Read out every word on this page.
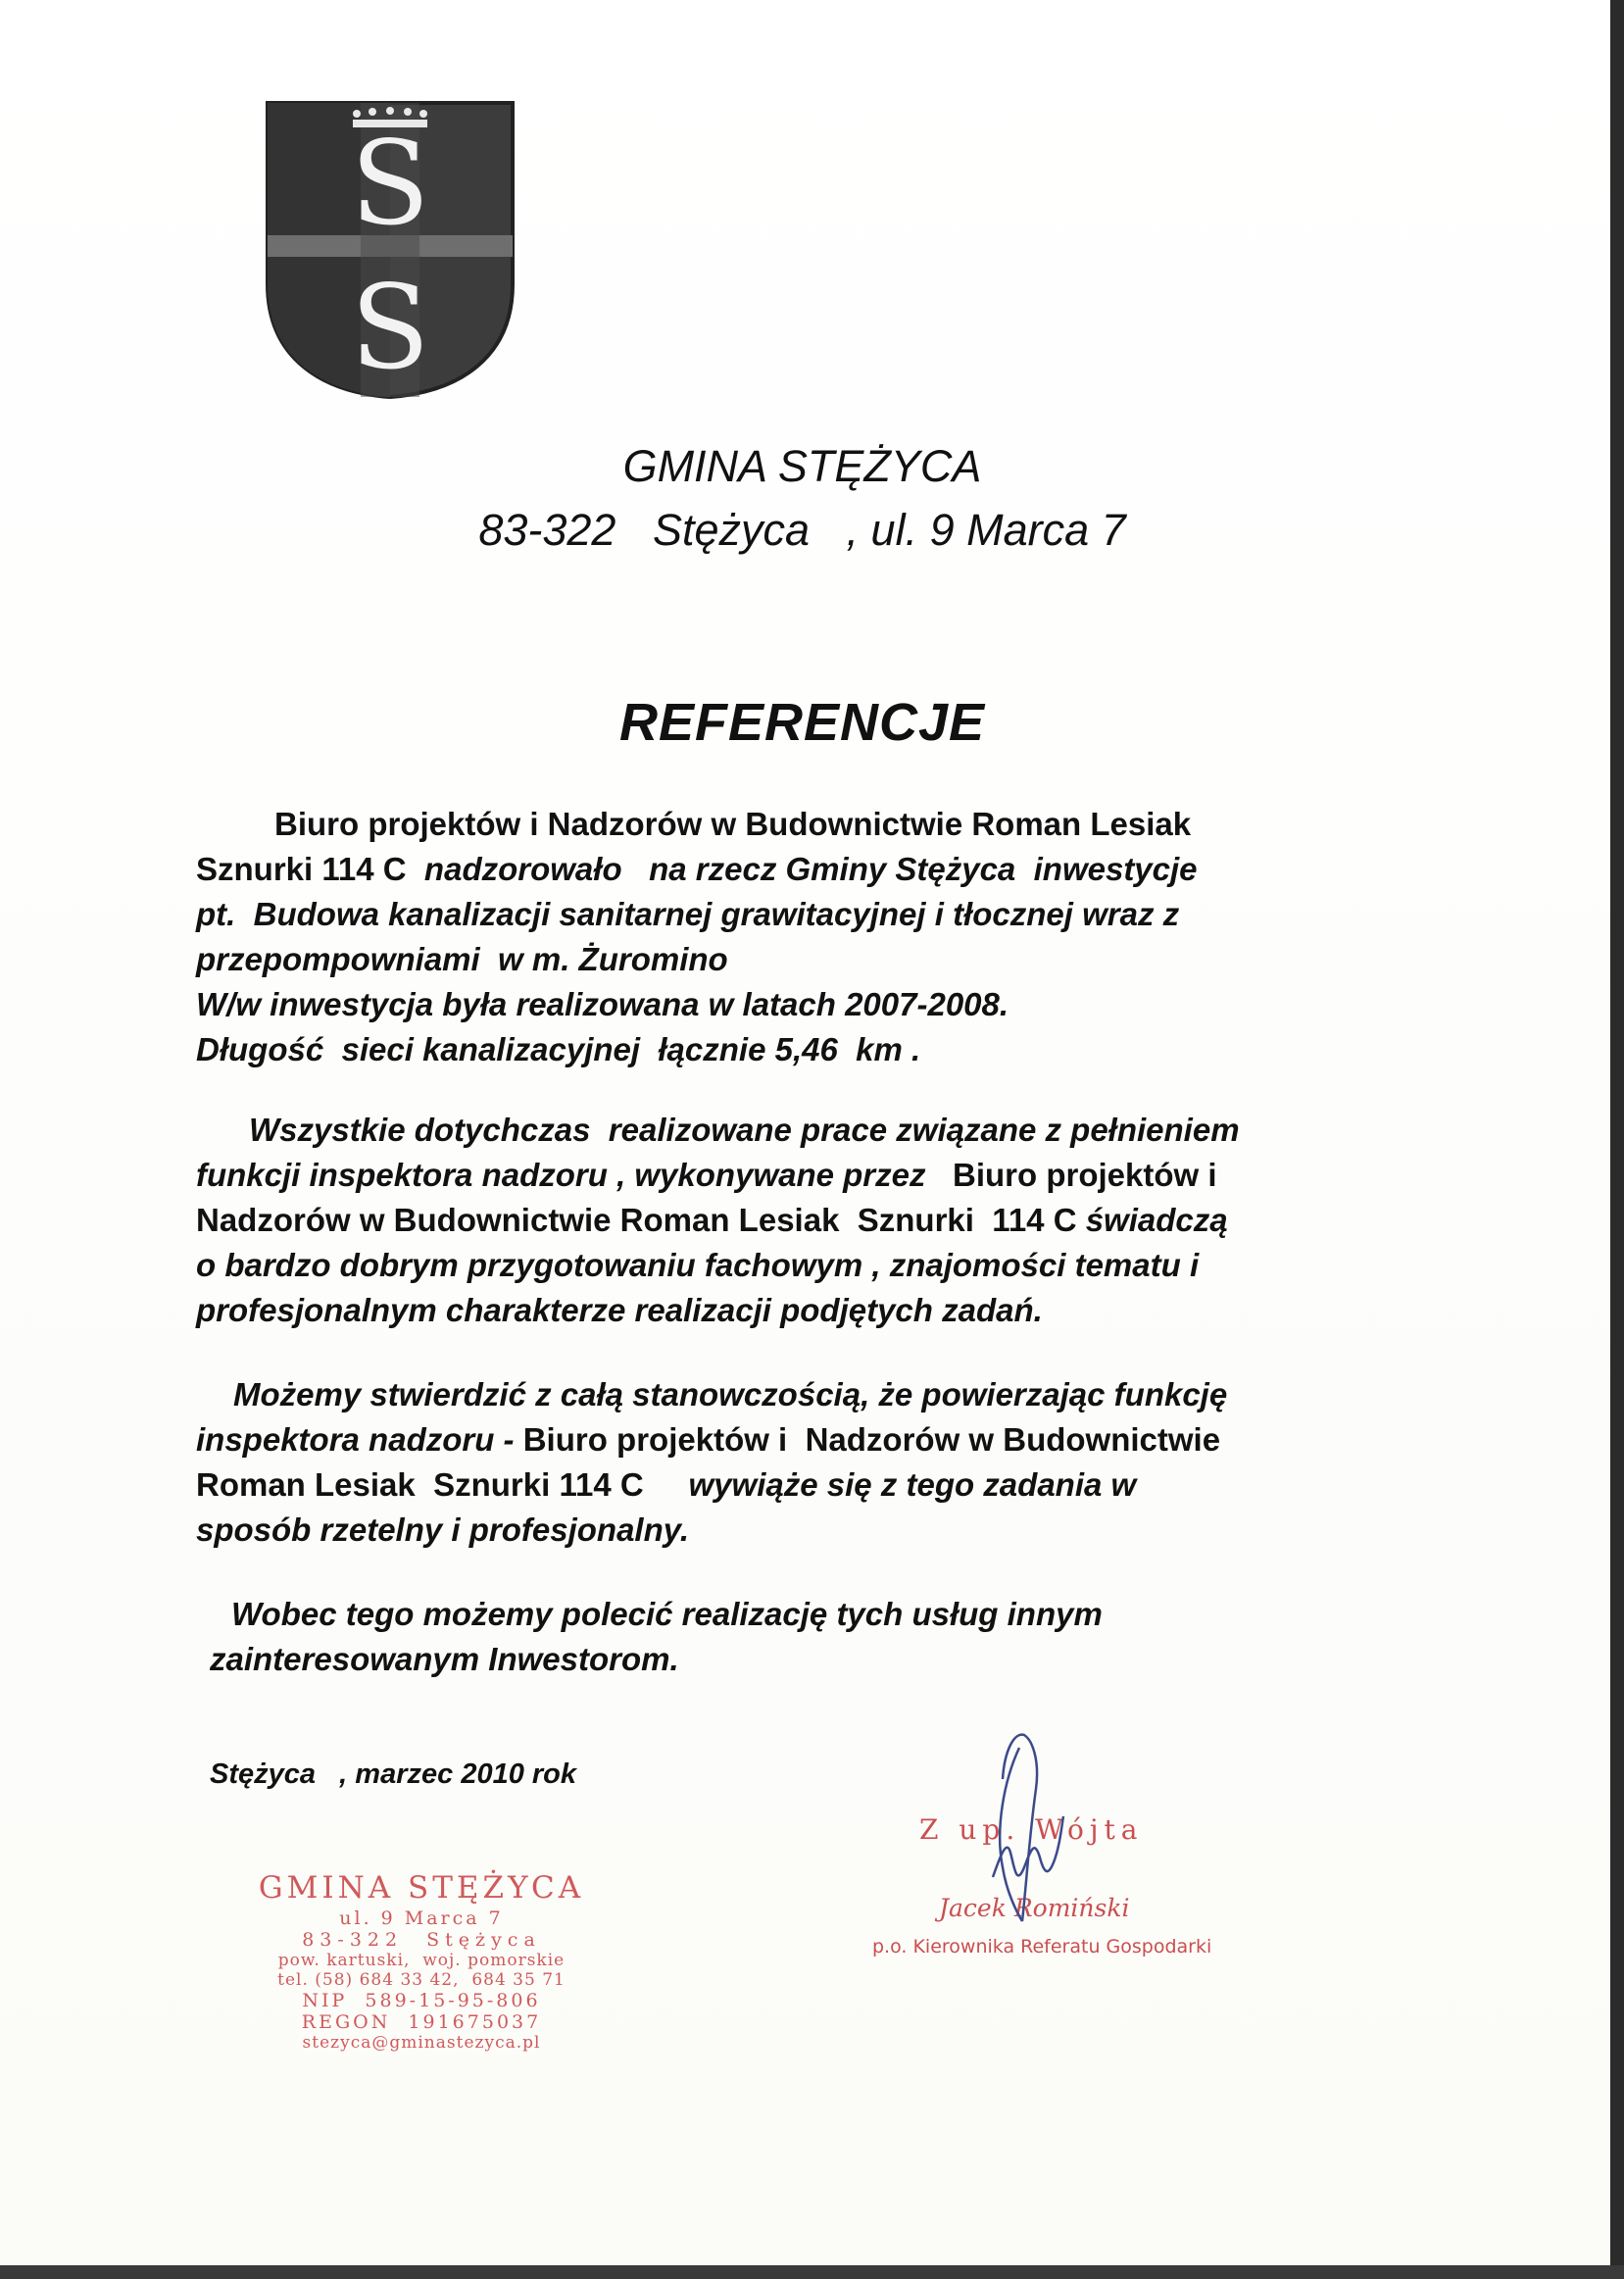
S
S
GMINA STĘŻYCA
83-322   Stężyca   , ul. 9 Marca 7
REFERENCJE
Biuro projektów i Nadzorów w Budownictwie Roman Lesiak
Sznurki 114 C  nadzorowało   na rzecz Gminy Stężyca  inwestycje
pt.  Budowa kanalizacji sanitarnej grawitacyjnej i tłocznej wraz z
przepompowniami  w m. Żuromino
W/w inwestycja była realizowana w latach 2007-2008.
Długość  sieci kanalizacyjnej  łącznie 5,46  km .
Wszystkie dotychczas  realizowane prace związane z pełnieniem
funkcji inspektora nadzoru , wykonywane przez   Biuro projektów i
Nadzorów w Budownictwie Roman Lesiak  Sznurki  114 C świadczą
o bardzo dobrym przygotowaniu fachowym , znajomości tematu i
profesjonalnym charakterze realizacji podjętych zadań.
Możemy stwierdzić z całą stanowczością, że powierzając funkcję
inspektora nadzoru - Biuro projektów i  Nadzorów w Budownictwie
Roman Lesiak  Sznurki 114 C     wywiąże się z tego zadania w
sposób rzetelny i profesjonalny.
Wobec tego możemy polecić realizację tych usług innym
zainteresowanym Inwestorom.
Stężyca   , marzec 2010 rok
GMINA STĘŻYCA
ul. 9 Marca 7
83-322  Stężyca
pow. kartuski,  woj. pomorskie
tel. (58) 684 33 42,  684 35 71
NIP  589-15-95-806
REGON  191675037
stezyca@gminastezyca.pl
Z up. Wójta
Jacek Romiński
p.o. Kierownika Referatu Gospodarki
